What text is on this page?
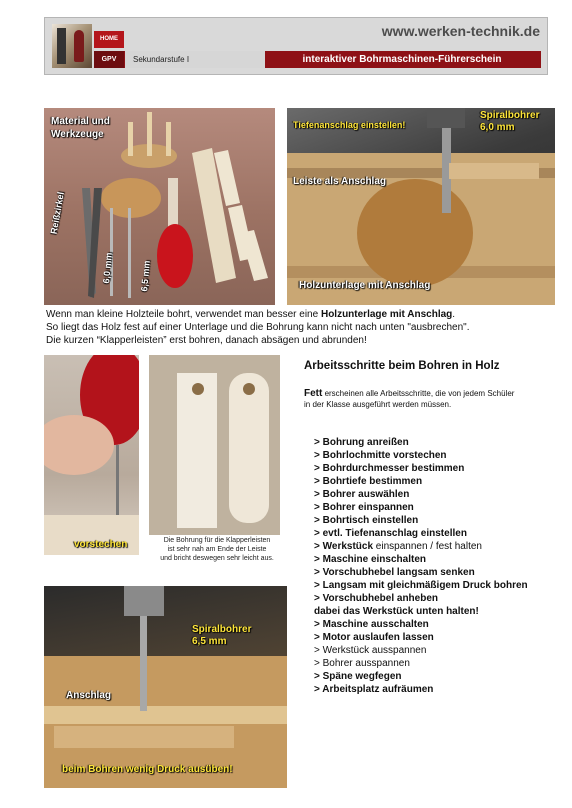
www.werken-technik.de
HOME
GPV	Sekundarstufe I	interaktiver Bohrmaschinen-Führerschein
Material und
Werkzeuge
Reißzirkel
6,0 mm	6,5 mm
Tiefenanschlag einstellen!
Spiralbohrer
6,0 mm
Leiste als Anschlag
Holzunterlage mit Anschlag

Wenn man kleine Holzteile bohrt, verwendet man besser eine Holzunterlage mit Anschlag.

So liegt das Holz fest auf einer Unterlage und die Bohrung kann nicht nach unten "ausbrechen".

Die kurzen “Klapperleisten” erst bohren, danach absägen und abrunden!

vorstechen	Die Bohrung für die Klapperleisten
ist sehr nah am Ende der Leiste
und bricht deswegen sehr leicht aus.
Arbeitsschritte beim Bohren in Holz
Fett erscheinen alle Arbeitsschritte, die von jedem Schüler
in der Klasse ausgeführt werden müssen.
> Bohrung anreißen
> Bohrlochmitte vorstechen
> Bohrdurchmesser bestimmen
> Bohrtiefe bestimmen
> Bohrer auswählen
> Bohrer einspannen
> Bohrtisch einstellen
> evtl. Tiefenanschlag einstellen
> Werkstück einspannen / fest halten
> Maschine einschalten
> Vorschubhebel langsam senken
> Langsam mit gleichmäßigem Druck bohren
> Vorschubhebel anheben
dabei das Werkstück unten halten!
> Maschine ausschalten
> Motor auslaufen lassen
> Werkstück ausspannen
> Bohrer ausspannen
> Späne wegfegen
> Arbeitsplatz aufräumen
Spiralbohrer
6,5 mm
Anschlag
beim Bohren wenig Druck ausüben!
